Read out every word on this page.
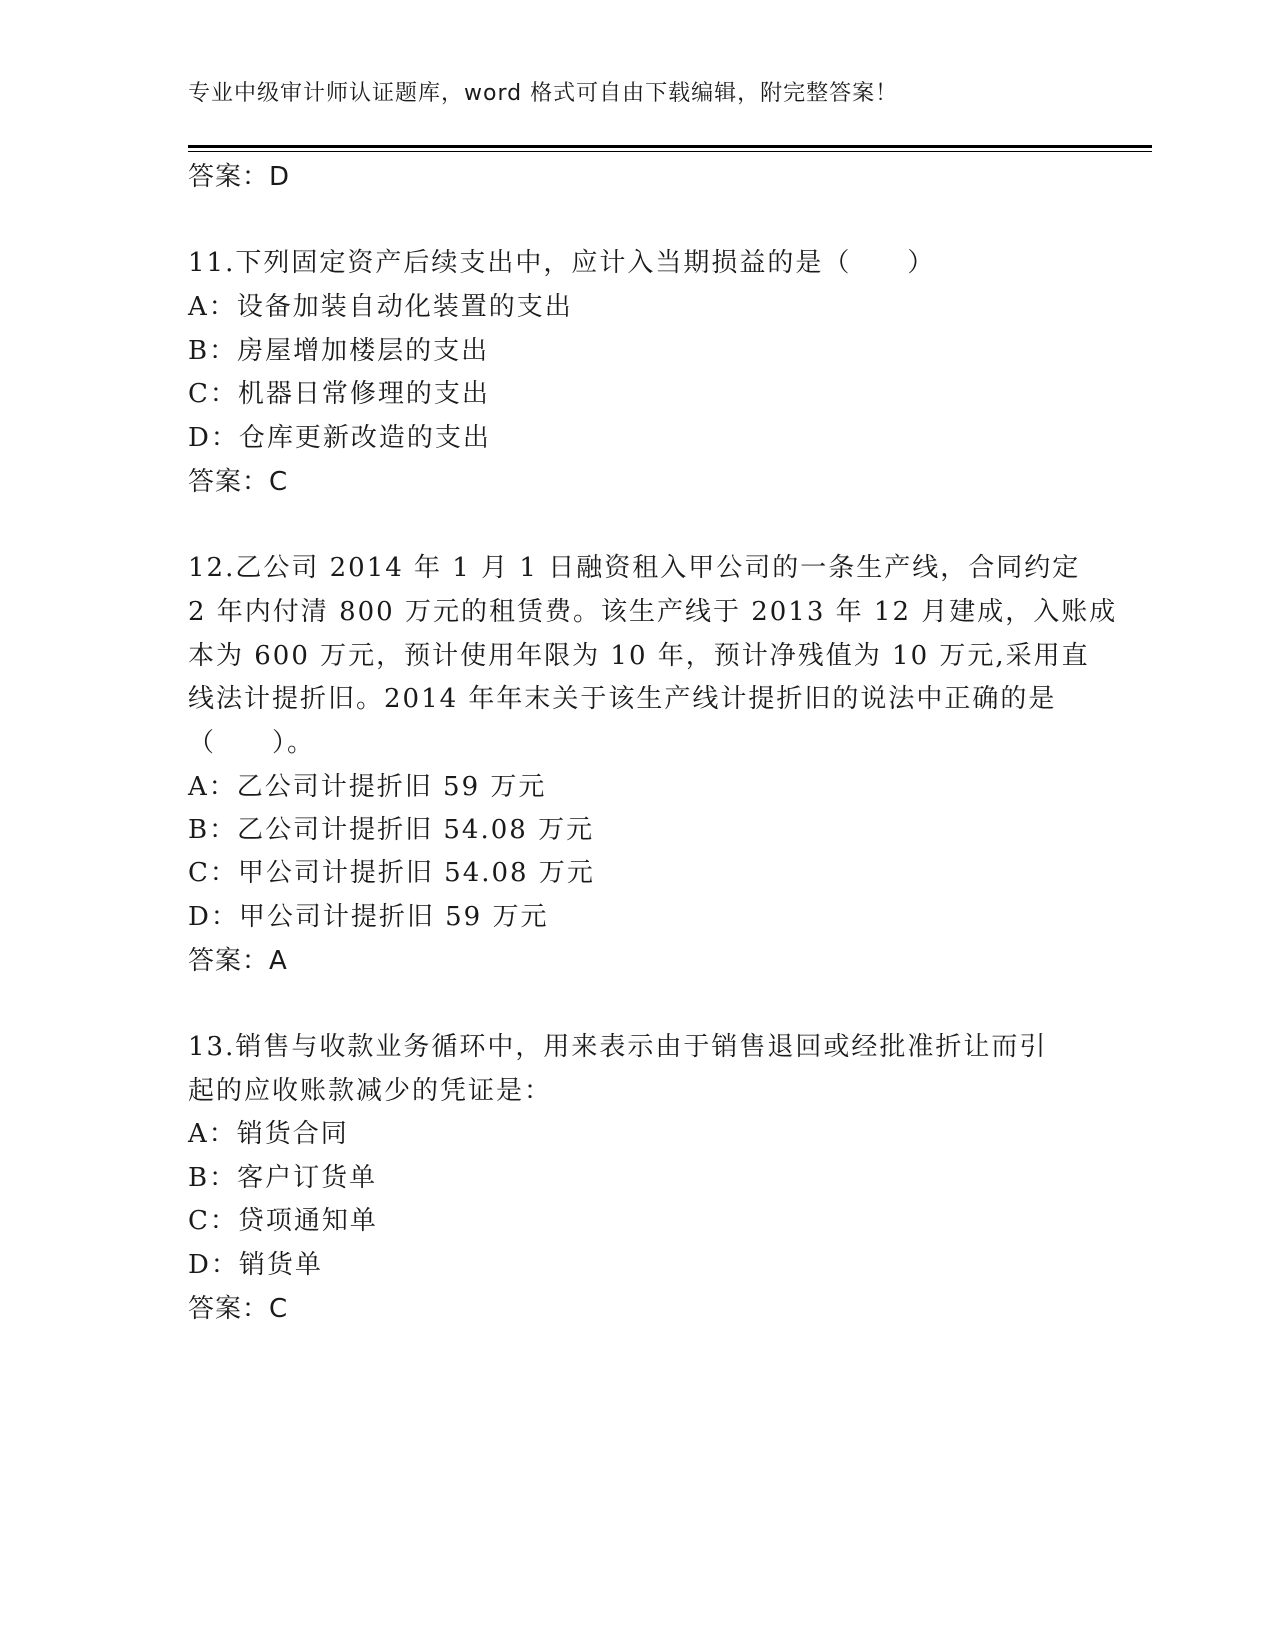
专业中级审计师认证题库，word 格式可自由下载编辑，附完整答案！
答案：D
11.下列固定资产后续支出中，应计入当期损益的是（　　）
A：设备加装自动化装置的支出
B：房屋增加楼层的支出
C：机器日常修理的支出
D：仓库更新改造的支出
答案：C
12.乙公司 2014 年 1 月 1 日融资租入甲公司的一条生产线，合同约定
2 年内付清 800 万元的租赁费。该生产线于 2013 年 12 月建成，入账成
本为 600 万元，预计使用年限为 10 年，预计净残值为 10 万元,采用直
线法计提折旧。2014 年年末关于该生产线计提折旧的说法中正确的是
（　　）。
A：乙公司计提折旧 59 万元
B：乙公司计提折旧 54.08 万元
C：甲公司计提折旧 54.08 万元
D：甲公司计提折旧 59 万元
答案：A
13.销售与收款业务循环中，用来表示由于销售退回或经批准折让而引
起的应收账款减少的凭证是：
A：销货合同
B：客户订货单
C：贷项通知单
D：销货单
答案：C
